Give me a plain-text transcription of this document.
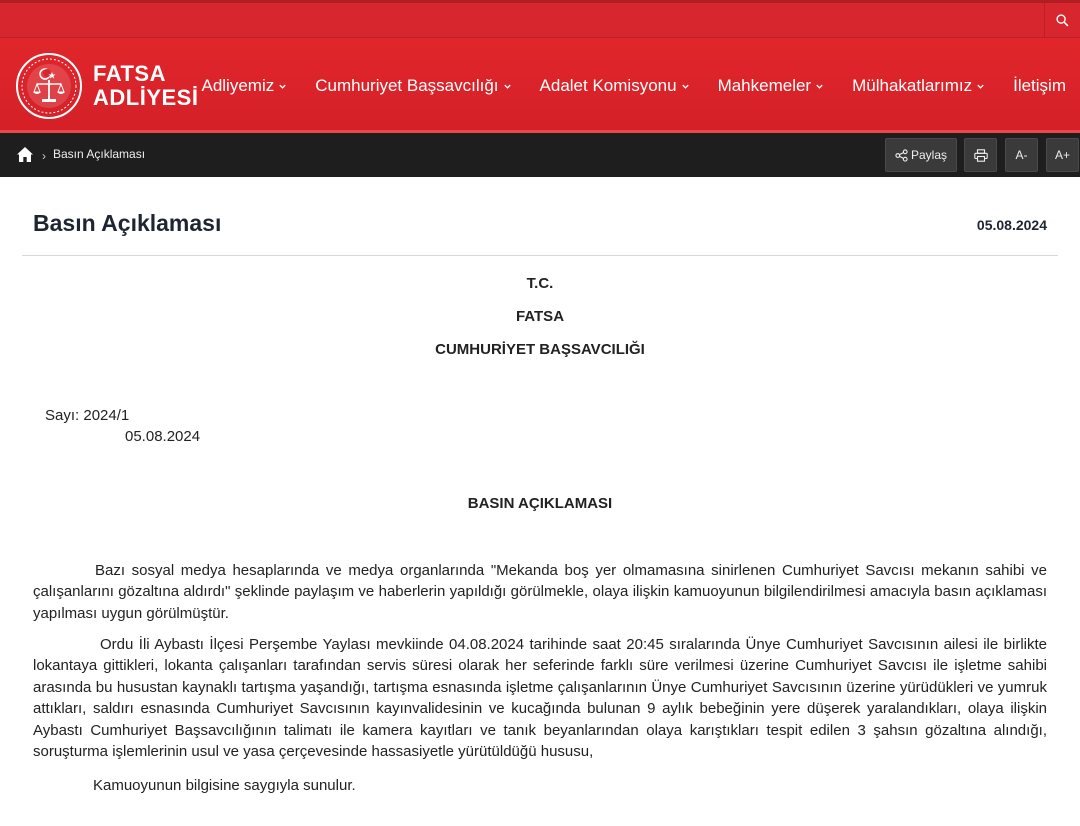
FATSA
ADLİYESİ Adliyemiz Cumhuriyet Başsavcılığı Adalet Komisyonu Mahkemeler Mülhakatlarımız İletişim
› Basın Açıklaması	Paylaş	A-	A+
Basın Açıklaması	05.08.2024
T.C.
FATSA
CUMHURİYET BAŞSAVCILIĞI
Sayı: 2024/1
05.08.2024
BASIN AÇIKLAMASI

Bazı sosyal medya hesaplarında ve medya organlarında "Mekanda boş yer olmamasına sinirlenen Cumhuriyet Savcısı mekanın sahibi ve çalışanlarını gözaltına aldırdı" şeklinde paylaşım ve haberlerin yapıldığı görülmekle, olaya ilişkin kamuoyunun bilgilendirilmesi amacıyla basın açıklaması yapılması uygun görülmüştür.

Ordu İli Aybastı İlçesi Perşembe Yaylası mevkiinde 04.08.2024 tarihinde saat 20:45 sıralarında Ünye Cumhuriyet Savcısının ailesi ile birlikte lokantaya gittikleri, lokanta çalışanları tarafından servis süresi olarak her seferinde farklı süre verilmesi üzerine Cumhuriyet Savcısı ile işletme sahibi arasında bu husustan kaynaklı tartışma yaşandığı, tartışma esnasında işletme çalışanlarının Ünye Cumhuriyet Savcısının üzerine yürüdükleri ve yumruk attıkları, saldırı esnasında Cumhuriyet Savcısının kayınvalidesinin ve kucağında bulunan 9 aylık bebeğinin yere düşerek yaralandıkları, olaya ilişkin Aybastı Cumhuriyet Başsavcılığının talimatı ile kamera kayıtları ve tanık beyanlarından olaya karıştıkları tespit edilen 3 şahsın gözaltına alındığı, soruşturma işlemlerinin usul ve yasa çerçevesinde hassasiyetle yürütüldüğü hususu,

Kamuoyunun bilgisine saygıyla sunulur.
